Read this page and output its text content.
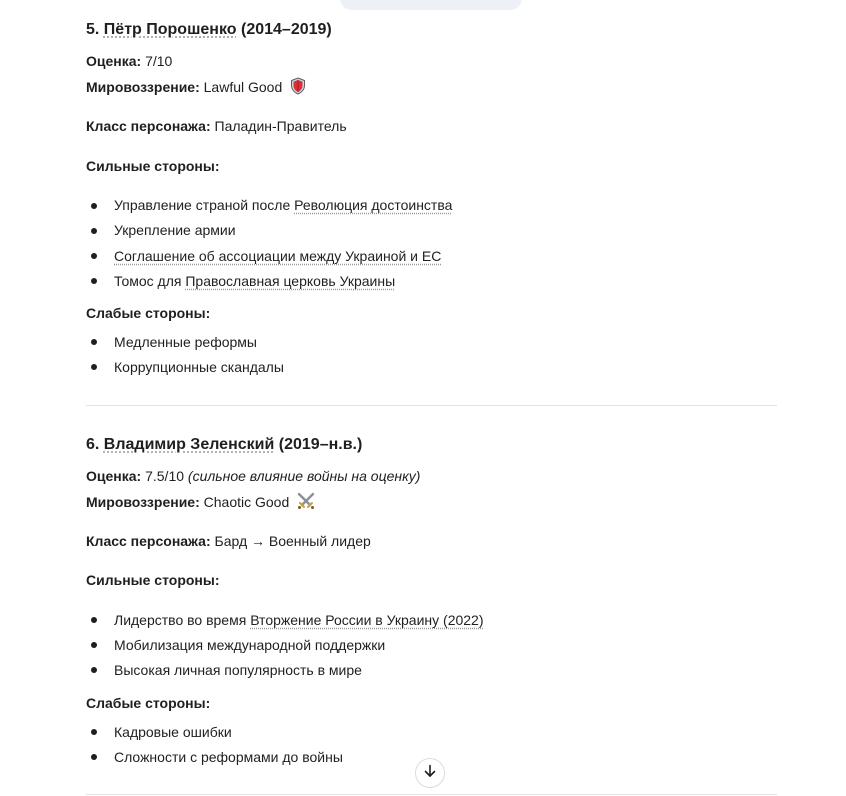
5. Пётр Порошенко (2014–2019)
Оценка: 7/10
Мировоззрение: Lawful Good
Класс персонажа: Паладин-Правитель
Сильные стороны:
Управление страной после Революция достоинства
Укрепление армии
Соглашение об ассоциации между Украиной и ЕС
Томос для Православная церковь Украины
Слабые стороны:
Медленные реформы
Коррупционные скандалы
6. Владимир Зеленский (2019–н.в.)
Оценка: 7.5/10 (сильное влияние войны на оценку)
Мировоззрение: Chaotic Good
Класс персонажа: Бард → Военный лидер
Сильные стороны:
Лидерство во время Вторжение России в Украину (2022)
Мобилизация международной поддержки
Высокая личная популярность в мире
Слабые стороны:
Кадровые ошибки
Сложности с реформами до войны
